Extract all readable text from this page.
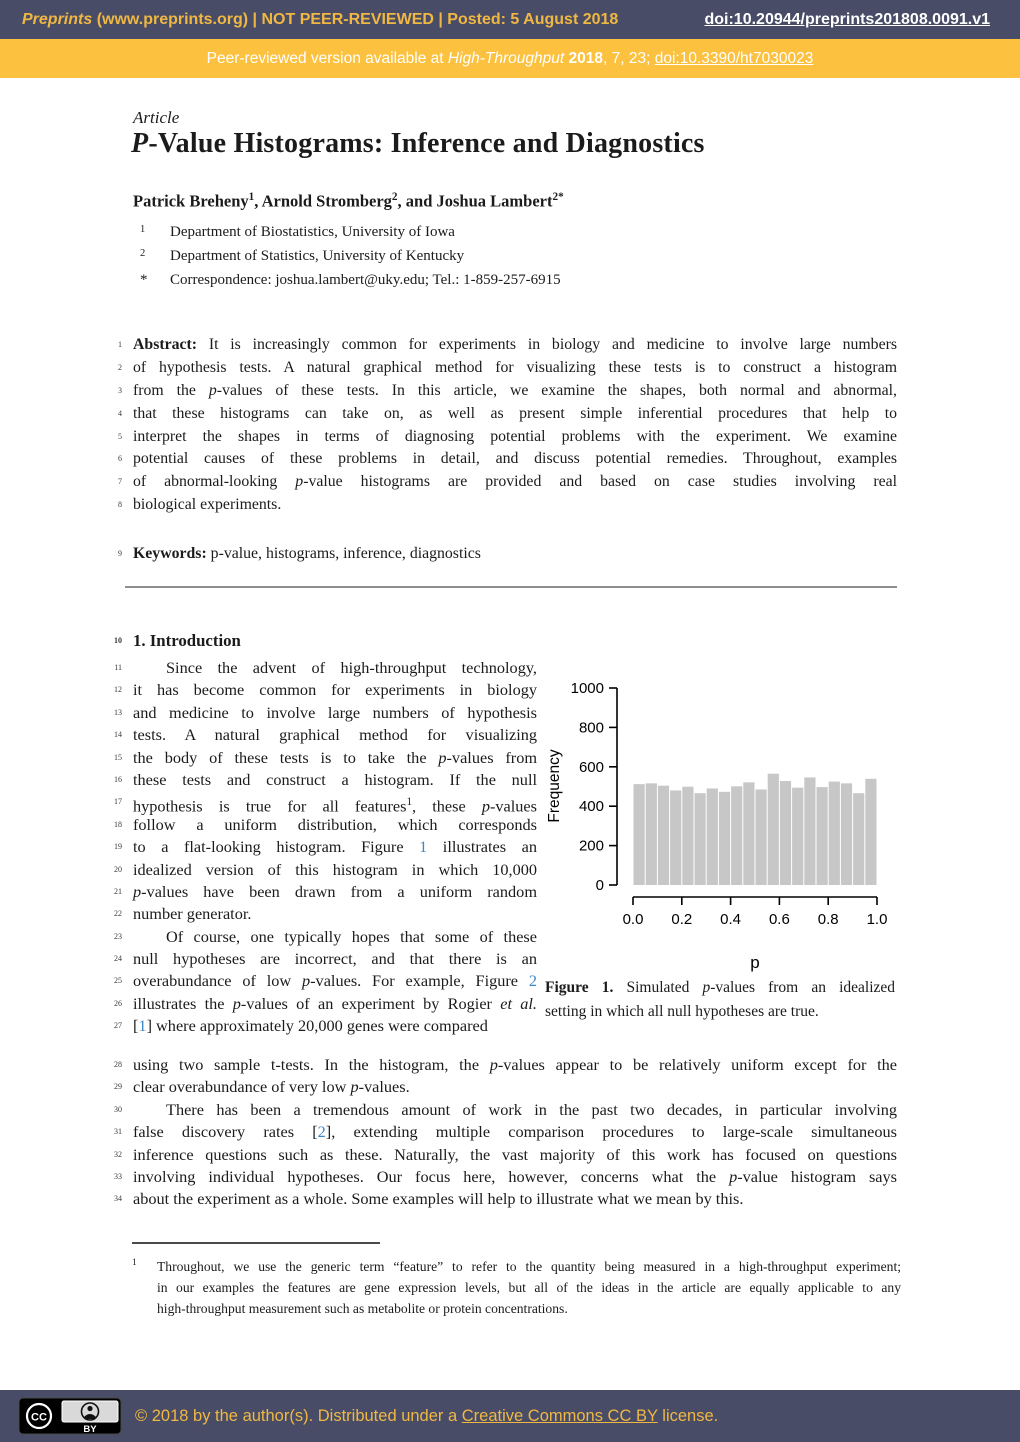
Preprints (www.preprints.org) | NOT PEER-REVIEWED | Posted: 5 August 2018	doi:10.20944/preprints201808.0091.v1
Peer-reviewed version available at High-Throughput 2018, 7, 23; doi:10.3390/ht7030023
Article
P-Value Histograms: Inference and Diagnostics
Patrick Breheny$^1$, Arnold Stromberg$^2$, and Joshua Lambert$^{2*}$
1	Department of Biostatistics, University of Iowa
2	Department of Statistics, University of Kentucky
*	Correspondence: joshua.lambert@uky.edu; Tel.: 1-859-257-6915
1 Abstract: It is increasingly common for experiments in biology and medicine to involve large numbers
2 of hypothesis tests. A natural graphical method for visualizing these tests is to construct a histogram
3 from the p-values of these tests. In this article, we examine the shapes, both normal and abnormal,
4 that these histograms can take on, as well as present simple inferential procedures that help to
5 interpret the shapes in terms of diagnosing potential problems with the experiment. We examine
6 potential causes of these problems in detail, and discuss potential remedies. Throughout, examples
7 of abnormal-looking p-value histograms are provided and based on case studies involving real
8 biological experiments.
9 Keywords: p-value, histograms, inference, diagnostics
10 1. Introduction
11	Since the advent of high-throughput technology,
12 it has become common for experiments in biology
13 and medicine to involve large numbers of hypothesis
14 tests. A natural graphical method for visualizing
15 the body of these tests is to take the p-values from
16 these tests and construct a histogram. If the null
17 hypothesis is true for all features$^1$, these p-values
18 follow a uniform distribution, which corresponds
19 to a flat-looking histogram. Figure 1 illustrates an
20 idealized version of this histogram in which 10,000
21 p-values have been drawn from a uniform random
22 number generator.
23	Of course, one typically hopes that some of these
24 null hypotheses are incorrect, and that there is an
25 overabundance of low p-values. For example, Figure 2
26 illustrates the p-values of an experiment by Rogier et al.
27 [1] where approximately 20,000 genes were compared
28 using two sample t-tests. In the histogram, the p-values appear to be relatively uniform except for the
29 clear overabundance of very low p-values.
30	There has been a tremendous amount of work in the past two decades, in particular involving
31 false discovery rates [2], extending multiple comparison procedures to large-scale simultaneous
32 inference questions such as these. Naturally, the vast majority of this work has focused on questions
33 involving individual hypotheses. Our focus here, however, concerns what the p-value histogram says
34 about the experiment as a whole. Some examples will help to illustrate what we mean by this.
0
200
400
600
800
1000
0.0 0.2 0.4 0.6 0.8 1.0
p
Frequency
Figure 1. Simulated p-values from an idealized
setting in which all null hypotheses are true.
1	Throughout, we use the generic term “feature” to refer to the quantity being measured in a high-throughput experiment;
in our examples the features are gene expression levels, but all of the ideas in the article are equally applicable to any
high-throughput measurement such as metabolite or protein concentrations.
CC
BY
© 2018 by the author(s). Distributed under a Creative Commons CC BY license.
